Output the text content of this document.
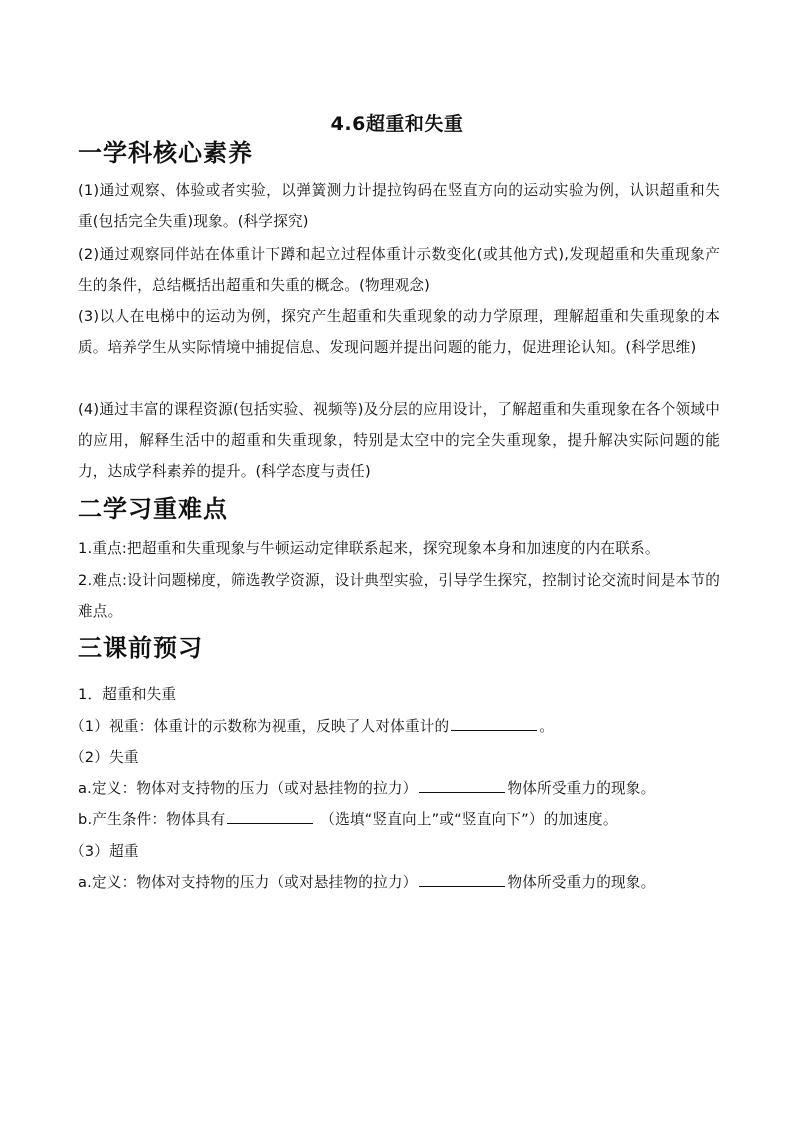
4.6超重和失重
一学科核心素养
(1)通过观察、体验或者实验，以弹簧测力计提拉钩码在竖直方向的运动实验为例，认识超重和失重(包括完全失重)现象。(科学探究)
(2)通过观察同伴站在体重计下蹲和起立过程体重计示数变化(或其他方式),发现超重和失重现象产生的条件，总结概括出超重和失重的概念。(物理观念)
(3)以人在电梯中的运动为例，探究产生超重和失重现象的动力学原理，理解超重和失重现象的本质。培养学生从实际情境中捕捉信息、发现问题并提出问题的能力，促进理论认知。(科学思维)
(4)通过丰富的课程资源(包括实验、视频等)及分层的应用设计，了解超重和失重现象在各个领域中的应用，解释生活中的超重和失重现象，特别是太空中的完全失重现象，提升解决实际问题的能力，达成学科素养的提升。(科学态度与责任)
二学习重难点
1.重点:把超重和失重现象与牛顿运动定律联系起来，探究现象本身和加速度的内在联系。
2.难点:设计问题梯度，筛选教学资源，设计典型实验，引导学生探究，控制讨论交流时间是本节的难点。
三课前预习
1．超重和失重
（1）视重：体重计的示数称为视重，反映了人对体重计的	。
（2）失重
a.定义：物体对支持物的压力（或对悬挂物的拉力）	物体所受重力的现象。
b.产生条件：物体具有	（选填“竖直向上”或“竖直向下”）的加速度。
（3）超重
a.定义：物体对支持物的压力（或对悬挂物的拉力）	物体所受重力的现象。
